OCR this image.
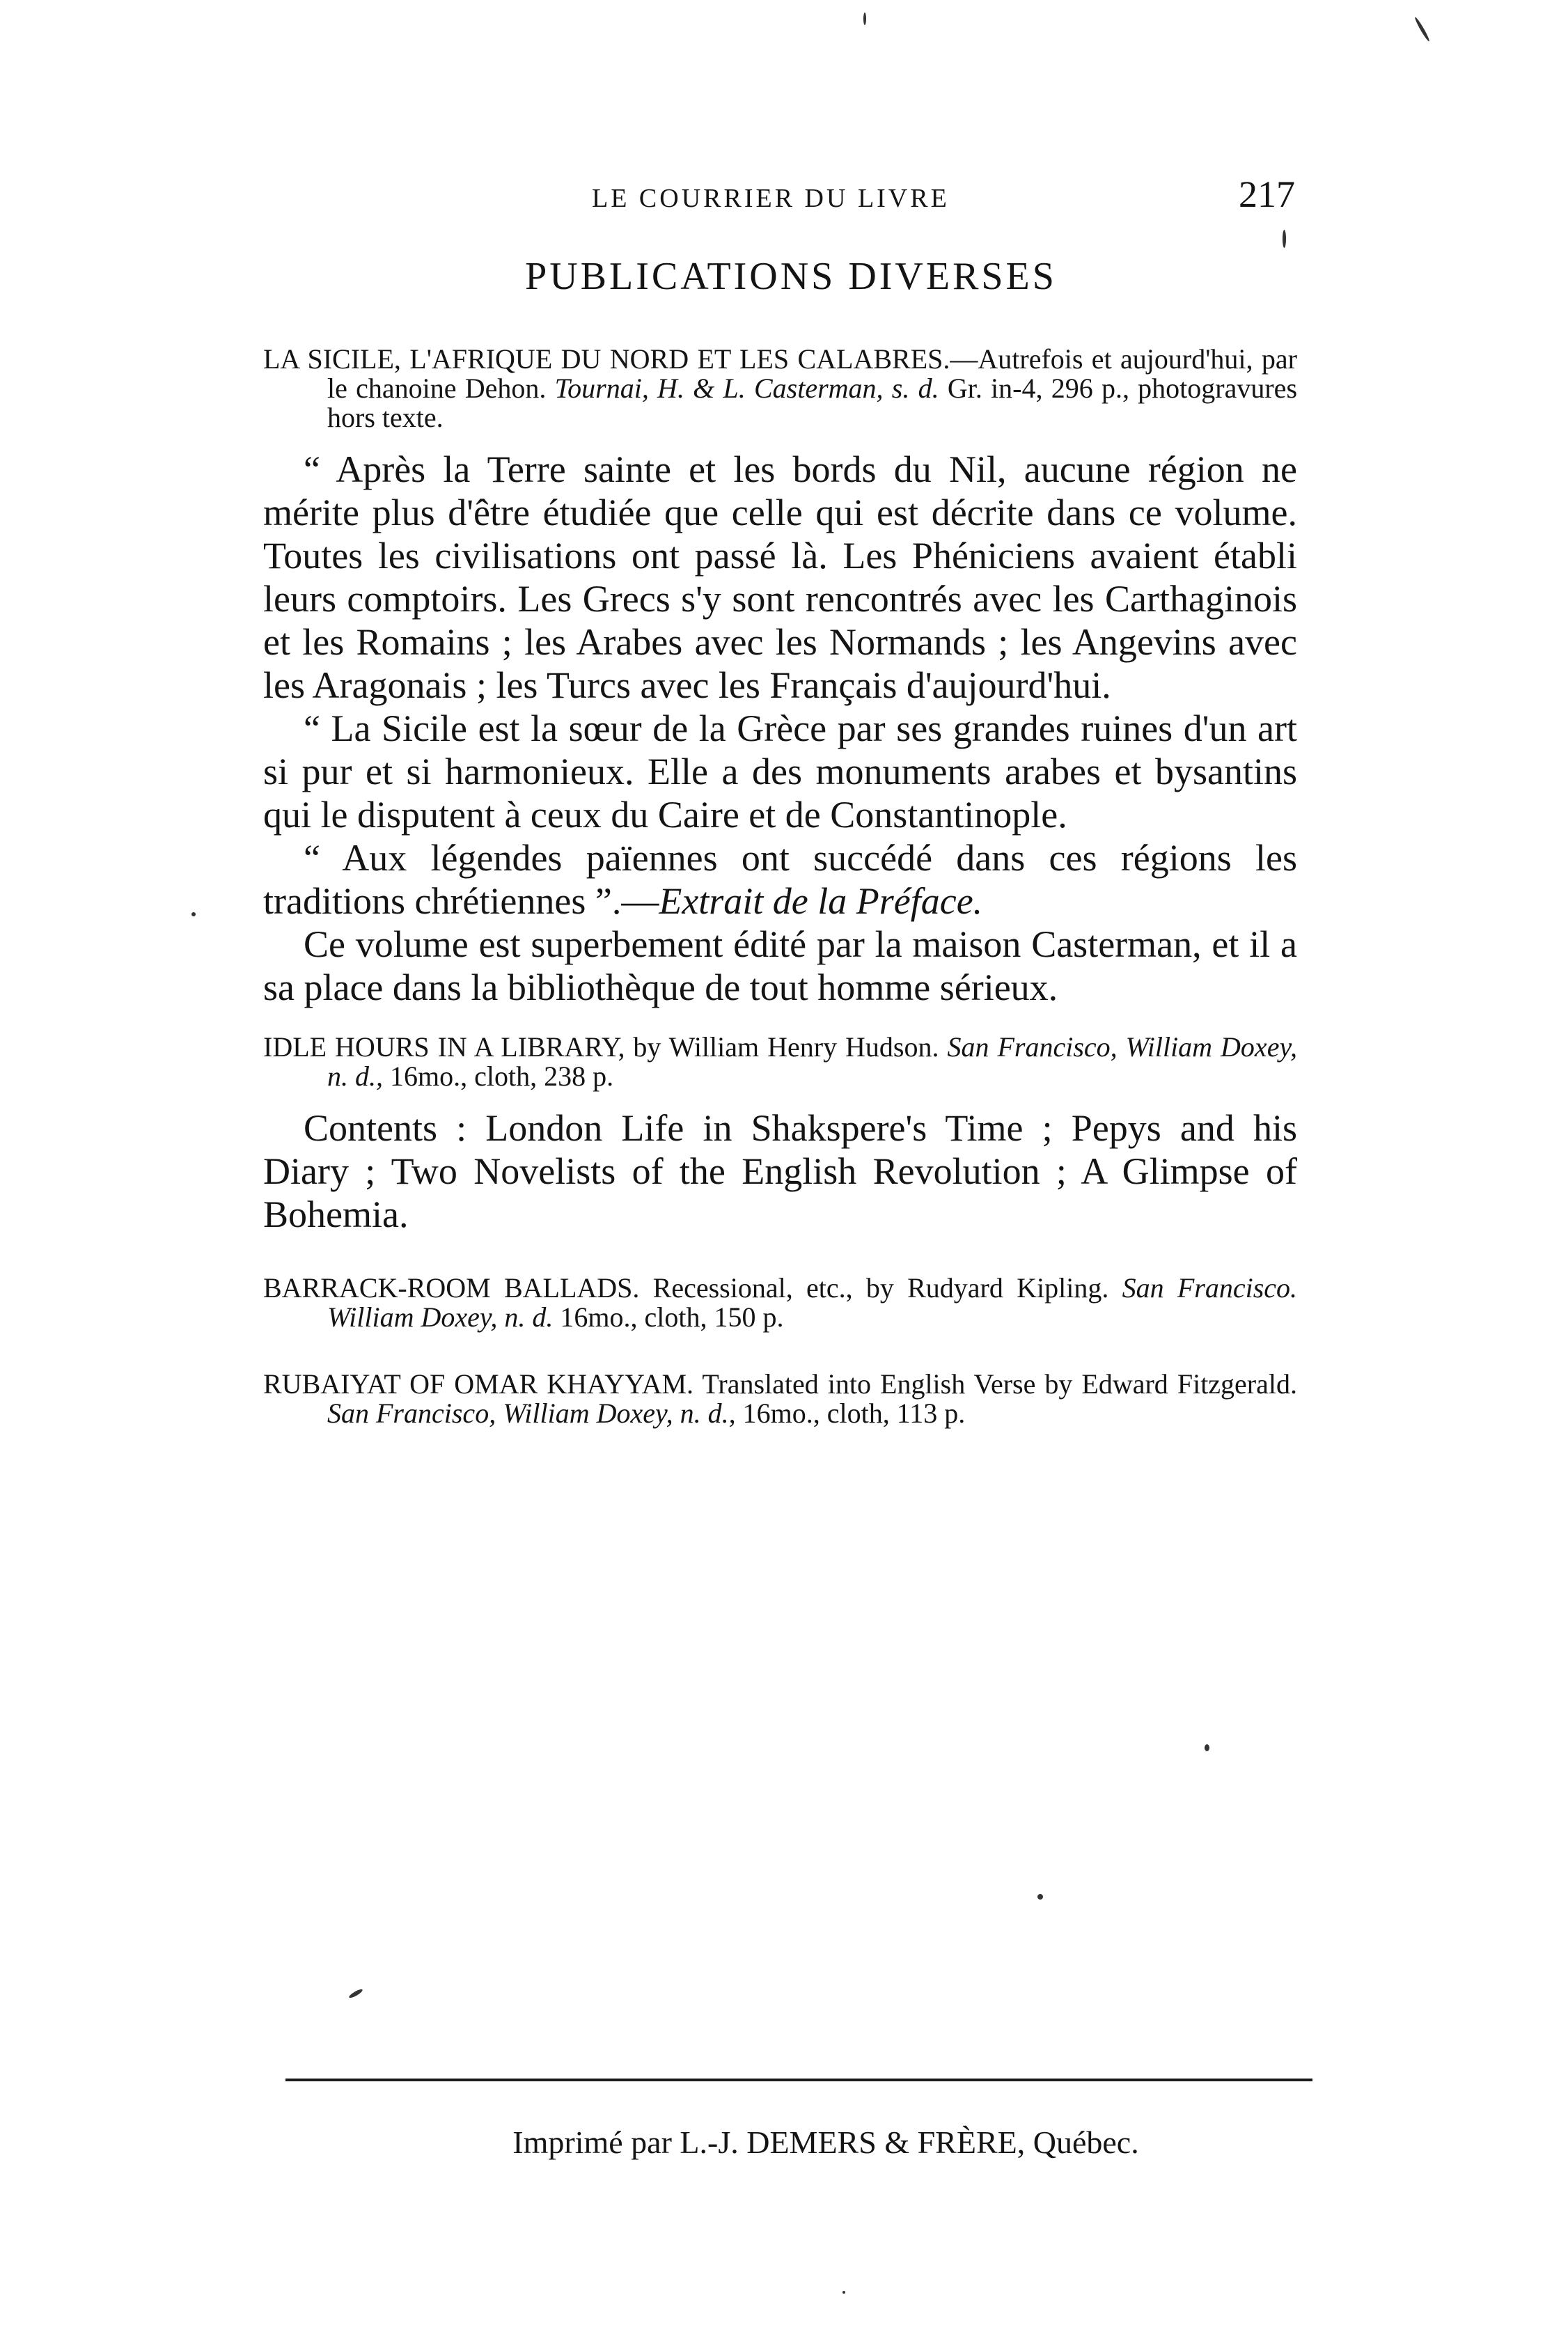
LE COURRIER DU LIVRE	217
PUBLICATIONS DIVERSES
LA SICILE, L'AFRIQUE DU NORD ET LES CALABRES.—Autrefois et aujourd'hui, par le chanoine Dehon. Tournai, H. & L. Casterman, s. d. Gr. in-4, 296 p., photogravures hors texte.

“ Après la Terre sainte et les bords du Nil, aucune région ne mérite plus d'être étudiée que celle qui est décrite dans ce volume. Toutes les civilisations ont passé là. Les Phéniciens avaient établi leurs comptoirs. Les Grecs s'y sont rencontrés avec les Carthaginois et les Romains ; les Arabes avec les Normands ; les Angevins avec les Aragonais ; les Turcs avec les Français d'aujourd'hui.

“ La Sicile est la sœur de la Grèce par ses grandes ruines d'un art si pur et si harmonieux. Elle a des monuments arabes et bysantins qui le disputent à ceux du Caire et de Constantinople.

“ Aux légendes païennes ont succédé dans ces régions les traditions chrétiennes ”.—Extrait de la Préface.

Ce volume est superbement édité par la maison Casterman, et il a sa place dans la bibliothèque de tout homme sérieux.

IDLE HOURS IN A LIBRARY, by William Henry Hudson. San Francisco, William Doxey, n. d., 16mo., cloth, 238 p.

Contents : London Life in Shakspere's Time ; Pepys and his Diary ; Two Novelists of the English Revolution ; A Glimpse of Bohemia.

BARRACK-ROOM BALLADS. Recessional, etc., by Rudyard Kipling. San Francisco. William Doxey, n. d. 16mo., cloth, 150 p.
RUBAIYAT OF OMAR KHAYYAM. Translated into English Verse by Edward Fitzgerald. San Francisco, William Doxey, n. d., 16mo., cloth, 113 p.
Imprimé par L.-J. DEMERS & FRÈRE, Québec.
